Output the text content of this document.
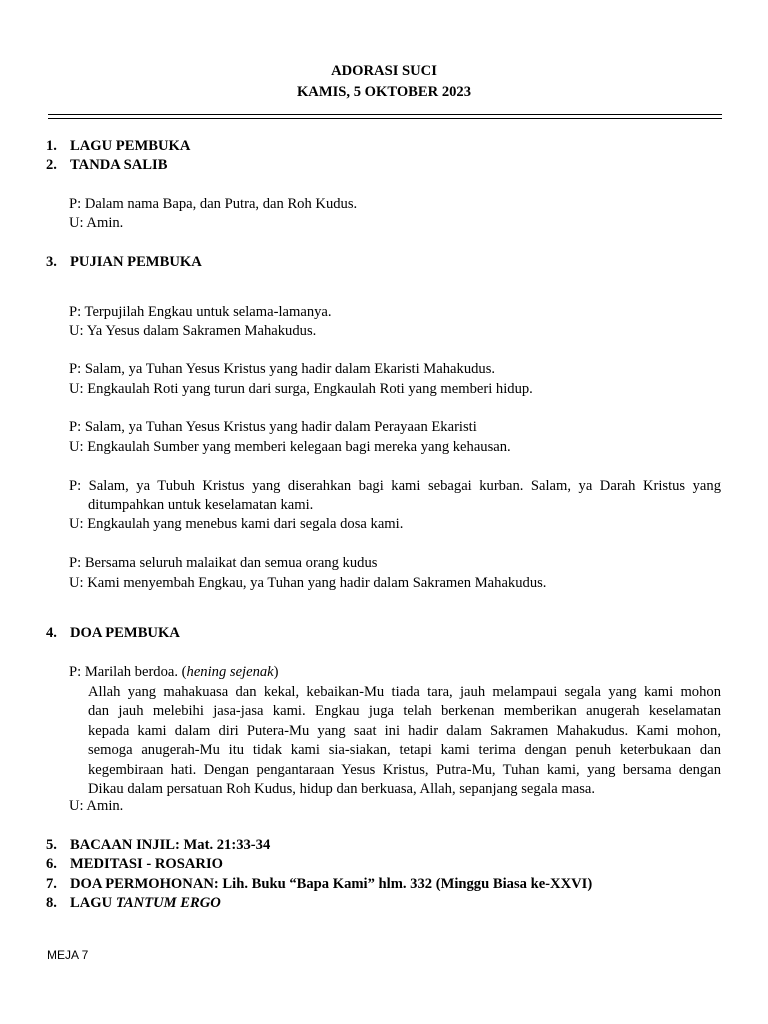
ADORASI SUCI
KAMIS, 5 OKTOBER 2023
1. LAGU PEMBUKA
2. TANDA SALIB
P: Dalam nama Bapa, dan Putra, dan Roh Kudus.
U: Amin.
3. PUJIAN PEMBUKA
P: Terpujilah Engkau untuk selama-lamanya.
U: Ya Yesus dalam Sakramen Mahakudus.
P: Salam, ya Tuhan Yesus Kristus yang hadir dalam Ekaristi Mahakudus.
U: Engkaulah Roti yang turun dari surga, Engkaulah Roti yang memberi hidup.
P: Salam, ya Tuhan Yesus Kristus yang hadir dalam Perayaan Ekaristi
U: Engkaulah Sumber yang memberi kelegaan bagi mereka yang kehausan.
P: Salam, ya Tubuh Kristus yang diserahkan bagi kami sebagai kurban. Salam, ya Darah Kristus yang
ditumpahkan untuk keselamatan kami.
U: Engkaulah yang menebus kami dari segala dosa kami.
P: Bersama seluruh malaikat dan semua orang kudus
U: Kami menyembah Engkau, ya Tuhan yang hadir dalam Sakramen Mahakudus.
4. DOA PEMBUKA
P: Marilah berdoa. (hening sejenak)
Allah yang mahakuasa dan kekal, kebaikan-Mu tiada tara, jauh melampaui segala yang kami mohon
dan jauh melebihi jasa-jasa kami. Engkau juga telah berkenan memberikan anugerah keselamatan
kepada kami dalam diri Putera-Mu yang saat ini hadir dalam Sakramen Mahakudus. Kami mohon,
semoga anugerah-Mu itu tidak kami sia-siakan, tetapi kami terima dengan penuh keterbukaan dan
kegembiraan hati. Dengan pengantaraan Yesus Kristus, Putra-Mu, Tuhan kami, yang bersama dengan
Dikau dalam persatuan Roh Kudus, hidup dan berkuasa, Allah, sepanjang segala masa.
U: Amin.
5. BACAAN INJIL: Mat. 21:33-34
6. MEDITASI - ROSARIO
7. DOA PERMOHONAN: Lih. Buku “Bapa Kami” hlm. 332 (Minggu Biasa ke-XXVI)
8. LAGU TANTUM ERGO
MEJA 7
